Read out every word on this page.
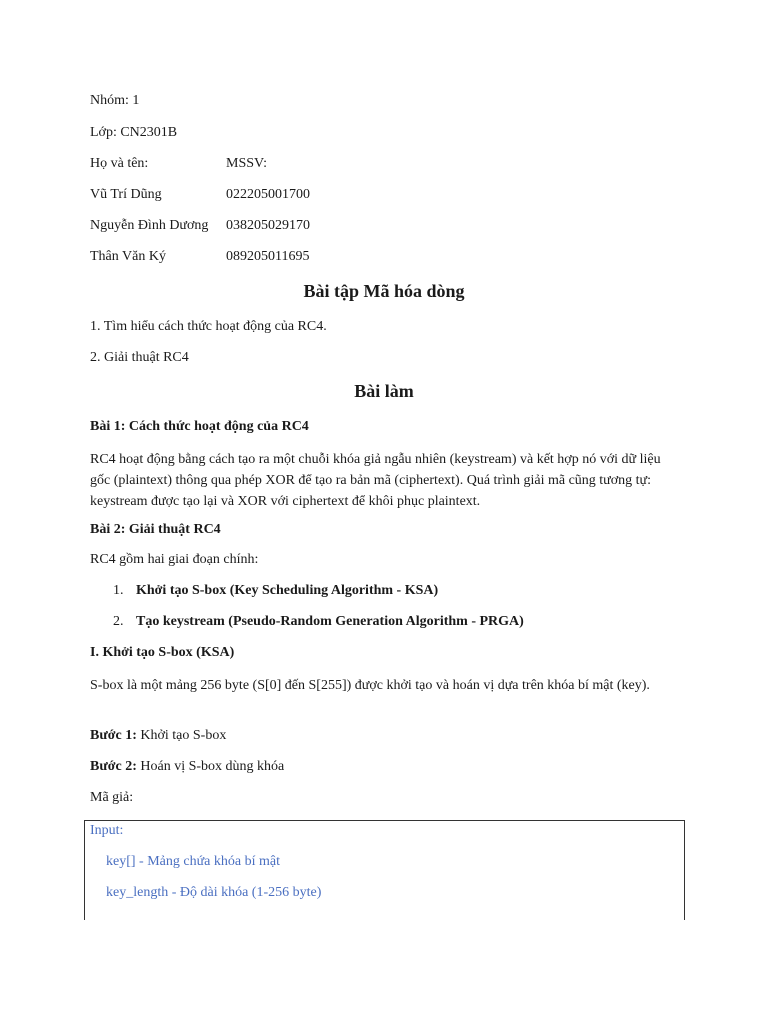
Nhóm: 1
Lớp: CN2301B
Họ và tên:	MSSV:
Vũ Trí Dũng	022205001700
Nguyễn Đình Dương 038205029170
Thân Văn Ký	089205011695
Bài tập Mã hóa dòng
1. Tìm hiểu cách thức hoạt động của RC4.
2. Giải thuật RC4
Bài làm
Bài 1: Cách thức hoạt động của RC4
RC4 hoạt động bằng cách tạo ra một chuỗi khóa giả ngẫu nhiên (keystream) và kết hợp nó với dữ liệu gốc (plaintext) thông qua phép XOR để tạo ra bản mã (ciphertext). Quá trình giải mã cũng tương tự: keystream được tạo lại và XOR với ciphertext để khôi phục plaintext.
Bài 2: Giải thuật RC4
RC4 gồm hai giai đoạn chính:
1. Khởi tạo S-box (Key Scheduling Algorithm - KSA)
2. Tạo keystream (Pseudo-Random Generation Algorithm - PRGA)
I. Khởi tạo S-box (KSA)
S-box là một mảng 256 byte (S[0] đến S[255]) được khởi tạo và hoán vị dựa trên khóa bí mật (key).
Bước 1: Khởi tạo S-box
Bước 2: Hoán vị S-box dùng khóa
Mã giả:
Input:
key[] - Mảng chứa khóa bí mật
key_length - Độ dài khóa (1-256 byte)
